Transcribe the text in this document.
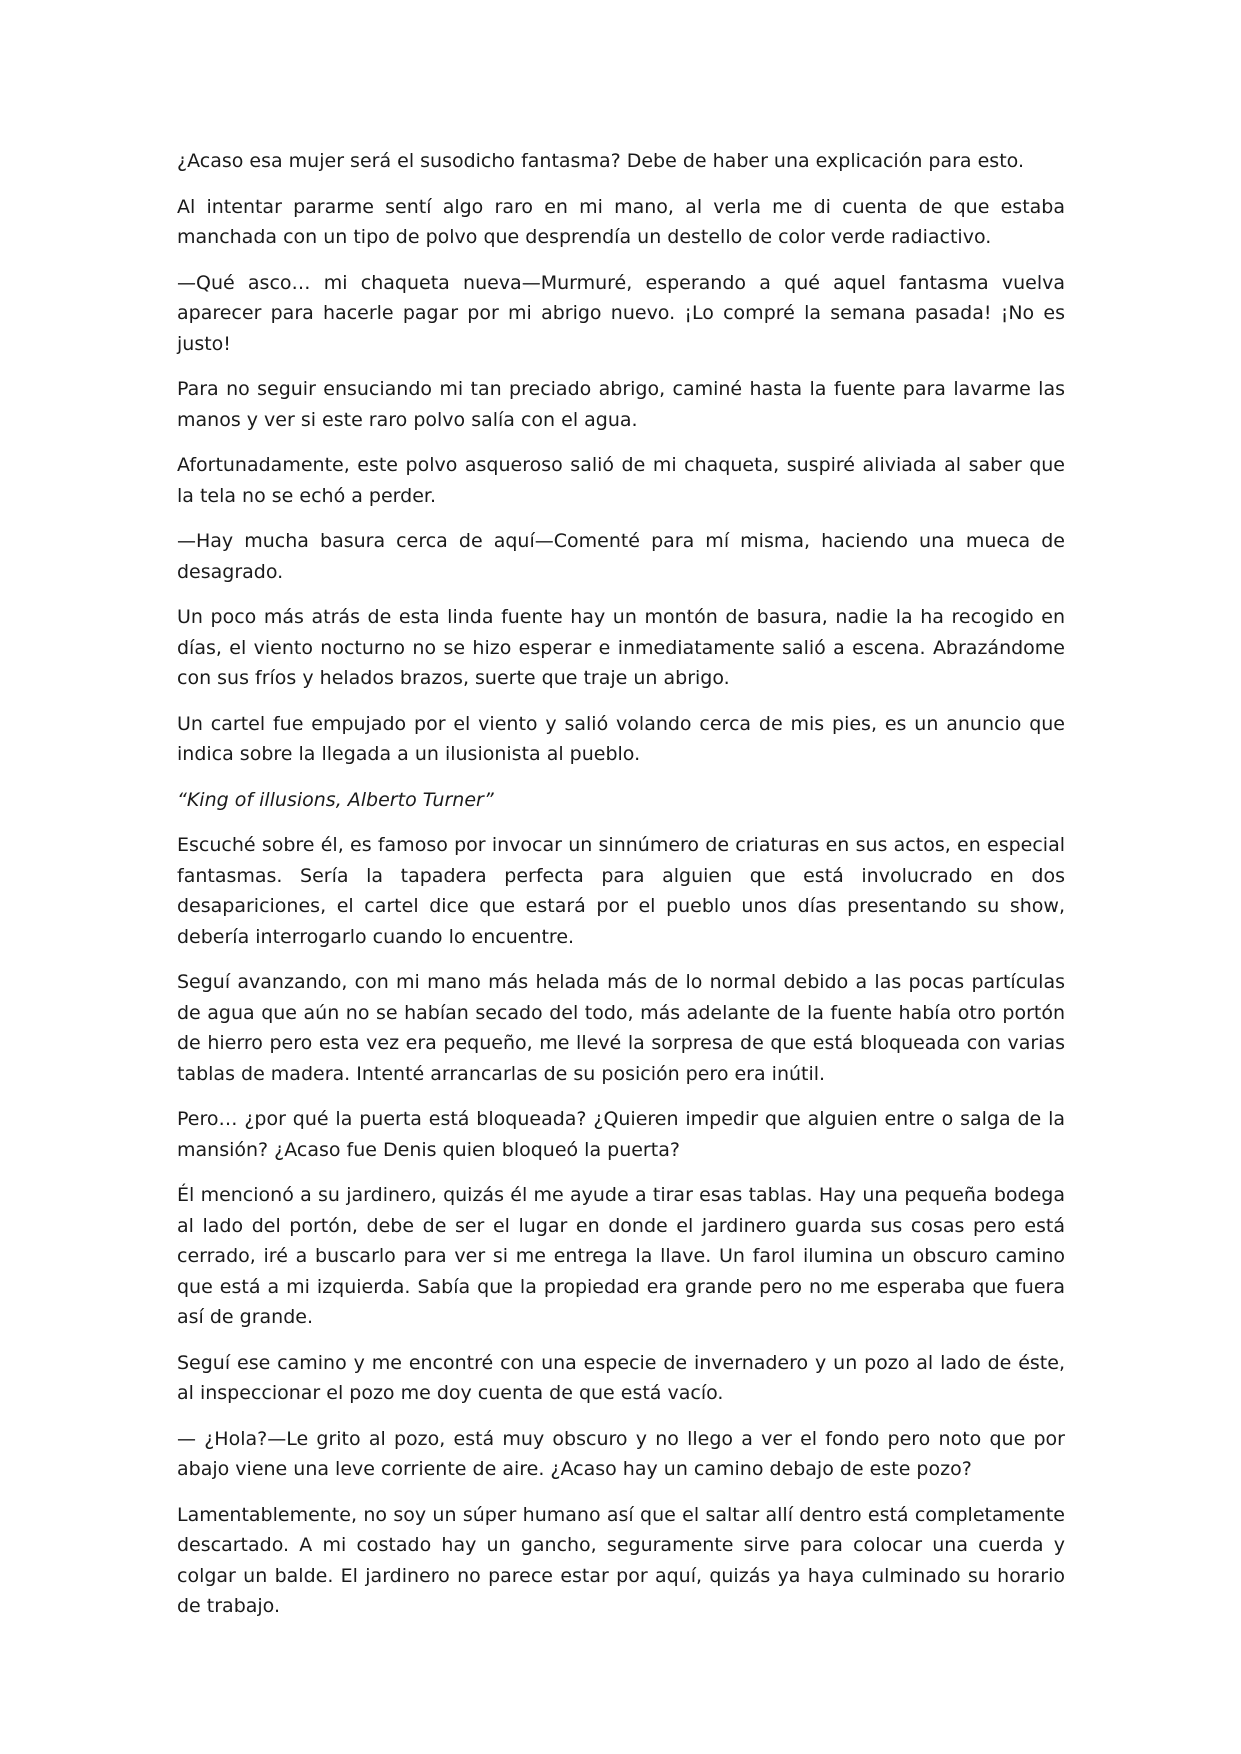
¿Acaso esa mujer será el susodicho fantasma? Debe de haber una explicación para esto.

Al intentar pararme sentí algo raro en mi mano, al verla me di cuenta de que estaba manchada con un tipo de polvo que desprendía un destello de color verde radiactivo.

—Qué asco… mi chaqueta nueva—Murmuré, esperando a qué aquel fantasma vuelva aparecer para hacerle pagar por mi abrigo nuevo. ¡Lo compré la semana pasada! ¡No es justo!

Para no seguir ensuciando mi tan preciado abrigo, caminé hasta la fuente para lavarme las manos y ver si este raro polvo salía con el agua.

Afortunadamente, este polvo asqueroso salió de mi chaqueta, suspiré aliviada al saber que la tela no se echó a perder.

—Hay mucha basura cerca de aquí—Comenté para mí misma, haciendo una mueca de desagrado.

Un poco más atrás de esta linda fuente hay un montón de basura, nadie la ha recogido en días, el viento nocturno no se hizo esperar e inmediatamente salió a escena. Abrazándome con sus fríos y helados brazos, suerte que traje un abrigo.

Un cartel fue empujado por el viento y salió volando cerca de mis pies, es un anuncio que indica sobre la llegada a un ilusionista al pueblo.

“King of illusions, Alberto Turner”

Escuché sobre él, es famoso por invocar un sinnúmero de criaturas en sus actos, en especial fantasmas. Sería la tapadera perfecta para alguien que está involucrado en dos desapariciones, el cartel dice que estará por el pueblo unos días presentando su show, debería interrogarlo cuando lo encuentre.

Seguí avanzando, con mi mano más helada más de lo normal debido a las pocas partículas de agua que aún no se habían secado del todo, más adelante de la fuente había otro portón de hierro pero esta vez era pequeño, me llevé la sorpresa de que está bloqueada con varias tablas de madera. Intenté arrancarlas de su posición pero era inútil.

Pero… ¿por qué la puerta está bloqueada? ¿Quieren impedir que alguien entre o salga de la mansión? ¿Acaso fue Denis quien bloqueó la puerta?

Él mencionó a su jardinero, quizás él me ayude a tirar esas tablas. Hay una pequeña bodega al lado del portón, debe de ser el lugar en donde el jardinero guarda sus cosas pero está cerrado, iré a buscarlo para ver si me entrega la llave. Un farol ilumina un obscuro camino que está a mi izquierda. Sabía que la propiedad era grande pero no me esperaba que fuera así de grande.

Seguí ese camino y me encontré con una especie de invernadero y un pozo al lado de éste, al inspeccionar el pozo me doy cuenta de que está vacío.

— ¿Hola?—Le grito al pozo, está muy obscuro y no llego a ver el fondo pero noto que por abajo viene una leve corriente de aire. ¿Acaso hay un camino debajo de este pozo?

Lamentablemente, no soy un súper humano así que el saltar allí dentro está completamente descartado. A mi costado hay un gancho, seguramente sirve para colocar una cuerda y colgar un balde. El jardinero no parece estar por aquí, quizás ya haya culminado su horario de trabajo.
